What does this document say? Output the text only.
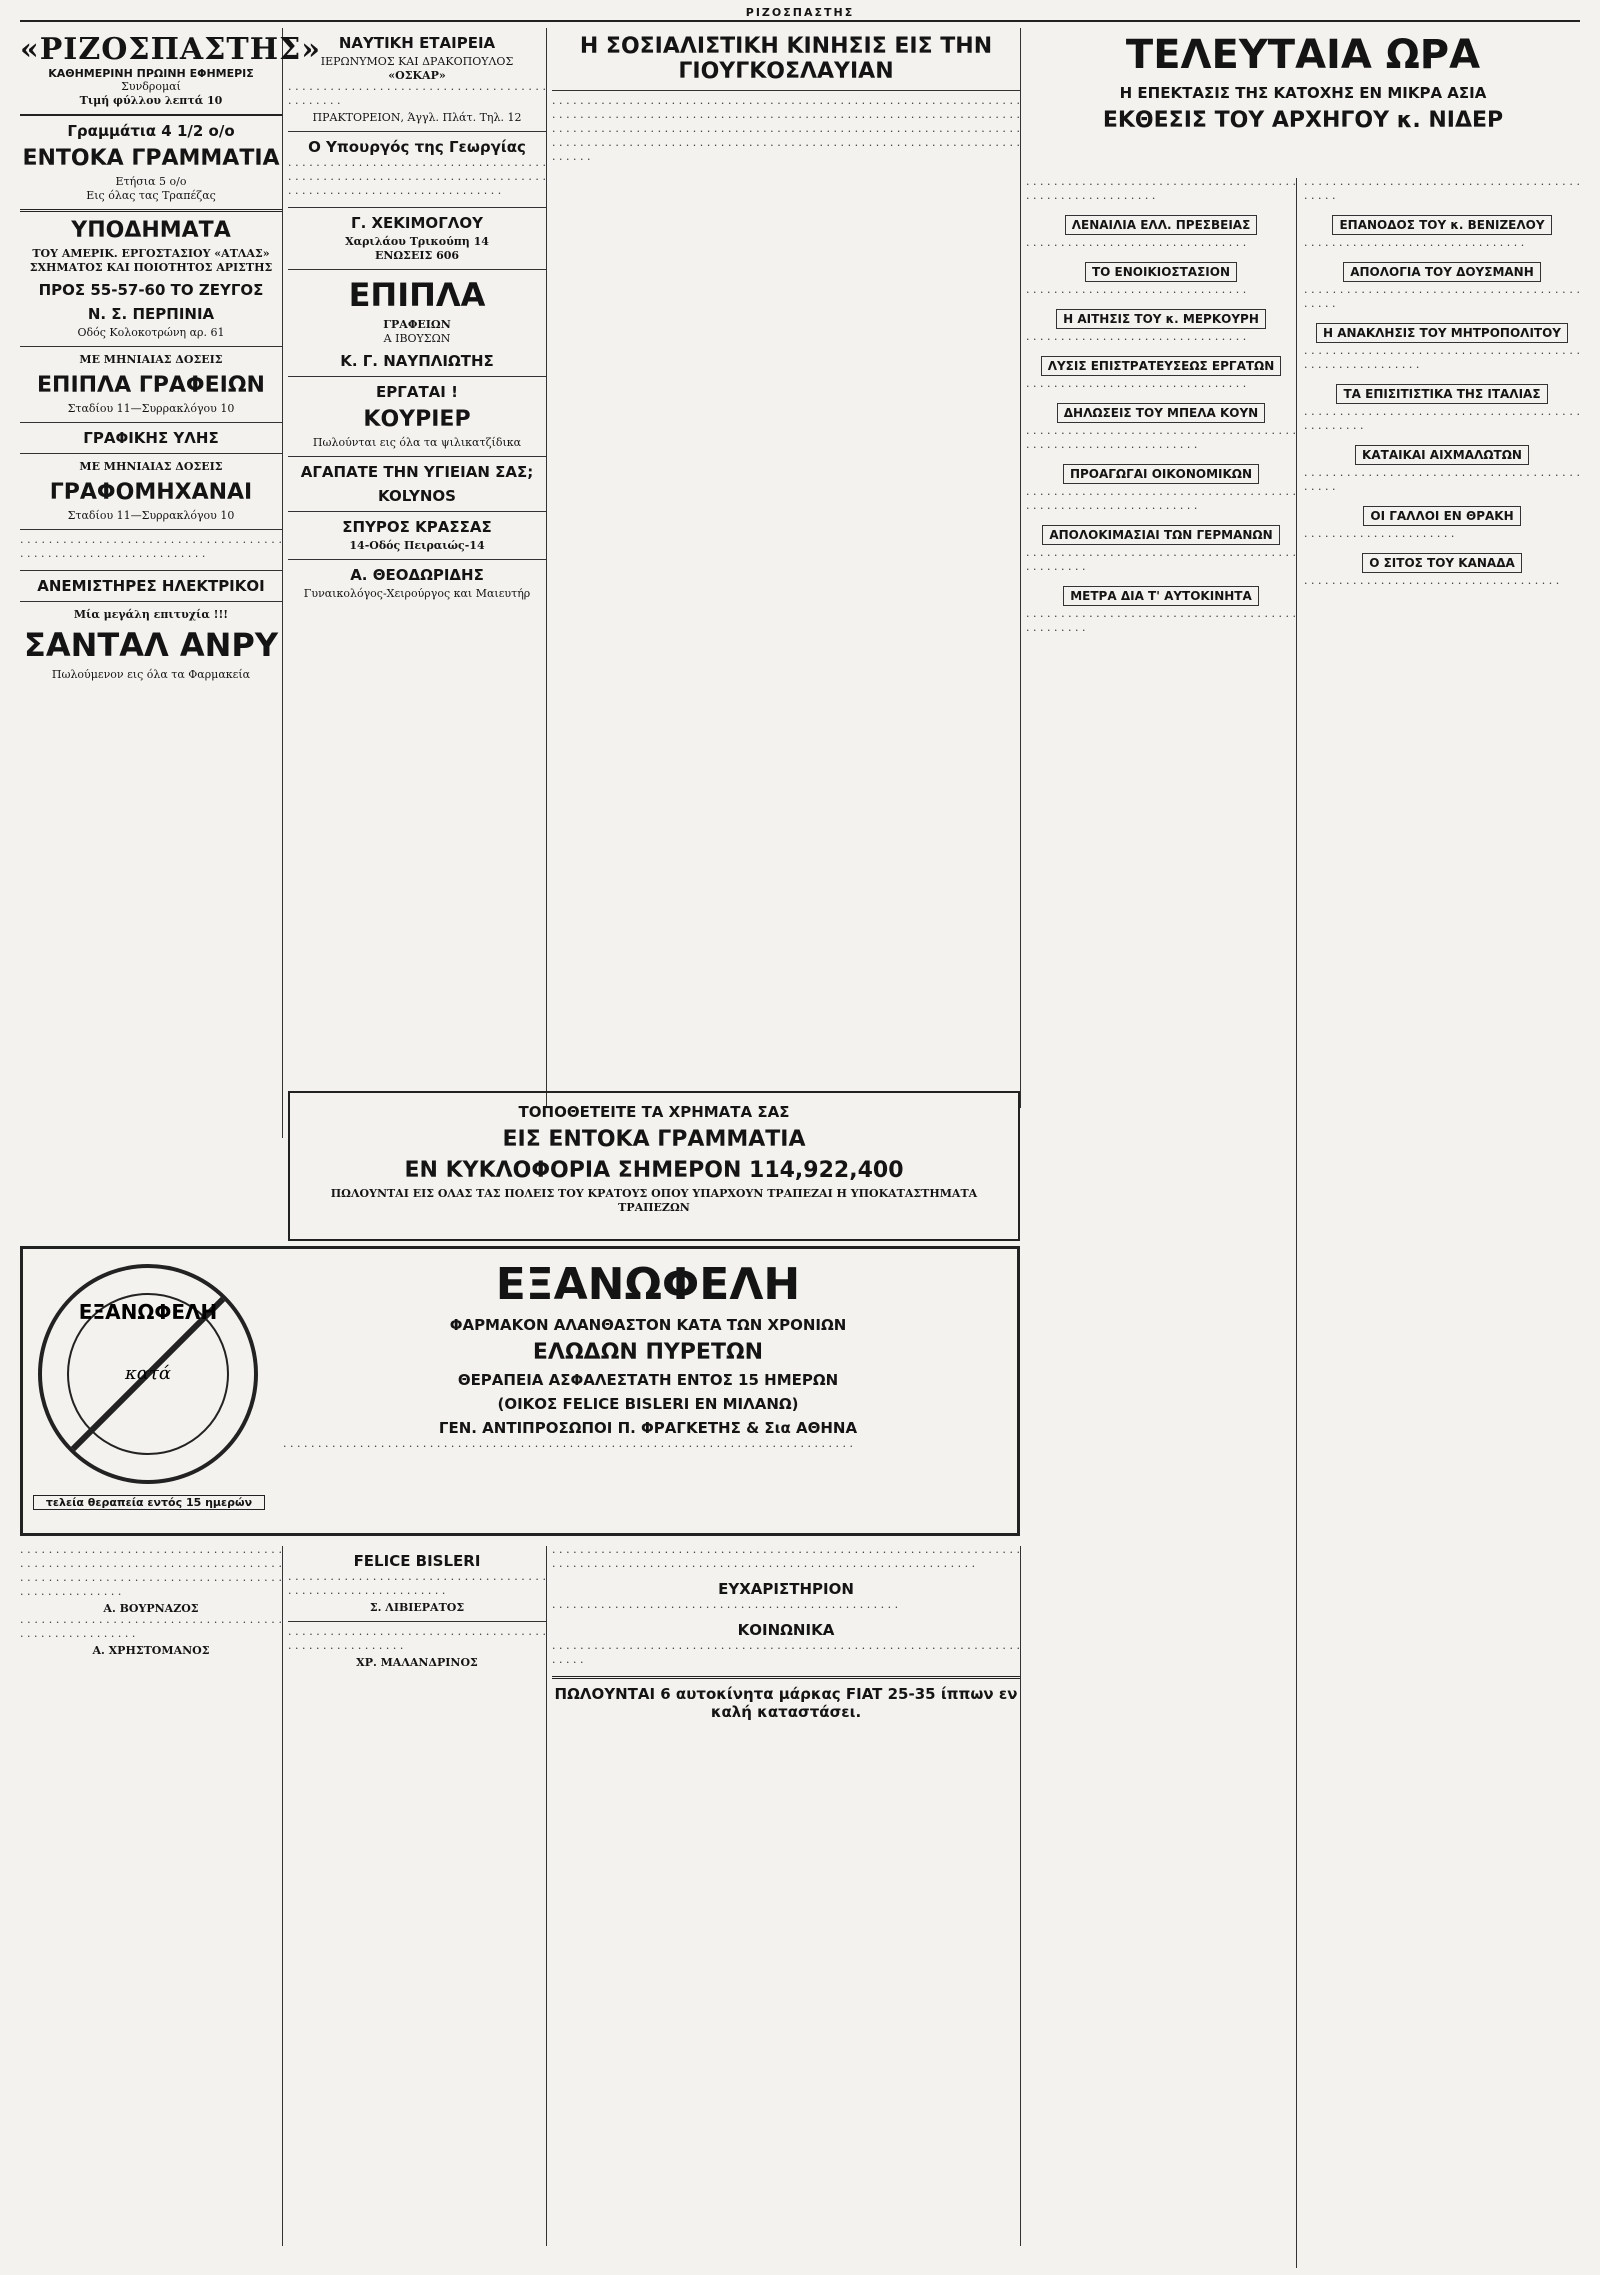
ΡΙΖΟΣΠΑΣΤΗΣ
«ΡΙΖΟΣΠΑΣΤΗΣ»
ΚΑΘΗΜΕΡΙΝΗ ΠΡΩΙΝΗ ΕΦΗΜΕΡΙΣ
Συνδρομαί
Τιμή φύλλου λεπτά 10
Γραμμάτια 4 1/2 ο/ο
ΕΝΤΟΚΑ ΓΡΑΜΜΑΤΙΑ
Ετήσια 5 ο/ο
Εις όλας τας Τραπέζας
ΥΠΟΔΗΜΑΤΑ
ΤΟΥ ΑΜΕΡΙΚ. ΕΡΓΟΣΤΑΣΙΟΥ «ΑΤΛΑΣ»
ΣΧΗΜΑΤΟΣ ΚΑΙ ΠΟΙΟΤΗΤΟΣ ΑΡΙΣΤΗΣ
ΠΡΟΣ 55-57-60 ΤΟ ΖΕΥΓΟΣ
Ν. Σ. ΠΕΡΠΙΝΙΑ
Οδός Κολοκοτρώνη αρ. 61
ΜΕ ΜΗΝΙΑΙΑΣ ΔΟΣΕΙΣ
ΕΠΙΠΛΑ ΓΡΑΦΕΙΩΝ
Σταδίου 11—Συρρακλόγου 10
ΓΡΑΦΙΚΗΣ ΥΛΗΣ
ΜΕ ΜΗΝΙΑΙΑΣ ΔΟΣΕΙΣ
ΓΡΑΦΟΜΗΧΑΝΑΙ
Σταδίου 11—Συρρακλόγου 10
· · · · · · · · · · · · · · · · · · · · · · · · · · · · · · · · · · · · · · · · · · · · · · · · · · · · · · · · · · · · · · · ·
ΑΝΕΜΙΣΤΗΡΕΣ ΗΛΕΚΤΡΙΚΟΙ
Μία μεγάλη επιτυχία !!!
ΣΑΝΤΑΛ ΑΝΡΥ
Πωλούμενον εις όλα τα Φαρμακεία
ΝΑΥΤΙΚΗ ΕΤΑΙΡΕΙΑ
ΙΕΡΩΝΥΜΟΣ ΚΑΙ ΔΡΑΚΟΠΟΥΛΟΣ
«ΟΣΚΑΡ»
· · · · · · · · · · · · · · · · · · · · · · · · · · · · · · · · · · · · · · · · · · · · ·
ΠΡΑΚΤΟΡΕΙΟΝ, Άγγλ. Πλάτ. Τηλ. 12
Ο Υπουργός της Γεωργίας
· · · · · · · · · · · · · · · · · · · · · · · · · · · · · · · · · · · · · · · · · · · · · · · · · · · · · · · · · · · · · · · · · · · · · · · · · · · · · · · · · · · · · · · · · · · · · · · · · · · · · · · · ·
Γ. ΧΕΚΙΜΟΓΛΟΥ
Χαριλάου Τρικούπη 14
ΕΝΩΣΕΙΣ 606
ΕΠΙΠΛΑ
ΓΡΑΦΕΙΩΝ
Α ΙΒΟΥΣΩΝ
Κ. Γ. ΝΑΥΠΛΙΩΤΗΣ
ΕΡΓΑΤΑΙ !
ΚΟΥΡΙΕΡ
Πωλούνται εις όλα τα ψιλικατζίδικα
ΑΓΑΠΑΤΕ ΤΗΝ ΥΓΙΕΙΑΝ ΣΑΣ;
KOLYNOS
ΣΠΥΡΟΣ ΚΡΑΣΣΑΣ
14-Οδός Πειραιώς-14
Α. ΘΕΟΔΩΡΙΔΗΣ
Γυναικολόγος-Χειρούργος και Μαιευτήρ
Η ΣΟΣΙΑΛΙΣΤΙΚΗ ΚΙΝΗΣΙΣ ΕΙΣ ΤΗΝ ΓΙΟΥΓΚΟΣΛΑΥΙΑΝ
· · · · · · · · · · · · · · · · · · · · · · · · · · · · · · · · · · · · · · · · · · · · · · · · · · · · · · · · · · · · · · · · · · · · · · · · · · · · · · · · · · · · · · · · · · · · · · · · · · · · · · · · · · · · · · · · · · · · · · · · · · · · · · · · · · · · · · · · · · · · · · · · · · · · · · · · · · · · · · · · · · · · · · · · · · · · · · · · · · · · · · · · · · · · · · · · · · · · · · · · · · · · · · · · · · · · · · · · · · · · · · · · · · · · · · · · · · · · · · · · · · · · · · · · · · · · · · · · · · · · · · · · · · · · · · · · · ·
ΤΟΠΟΘΕΤΕΙΤΕ ΤΑ ΧΡΗΜΑΤΑ ΣΑΣ
ΕΙΣ ΕΝΤΟΚΑ ΓΡΑΜΜΑΤΙΑ
ΕΝ ΚΥΚΛΟΦΟΡΙΑ ΣΗΜΕΡΟΝ 114,922,400
ΠΩΛΟΥΝΤΑΙ ΕΙΣ ΟΛΑΣ ΤΑΣ ΠΟΛΕΙΣ ΤΟΥ ΚΡΑΤΟΥΣ ΟΠΟΥ ΥΠΑΡΧΟΥΝ ΤΡΑΠΕΖΑΙ Η ΥΠΟΚΑΤΑΣΤΗΜΑΤΑ ΤΡΑΠΕΖΩΝ
ΤΕΛΕΥΤΑΙΑ ΩΡΑ
Η ΕΠΕΚΤΑΣΙΣ ΤΗΣ ΚΑΤΟΧΗΣ ΕΝ ΜΙΚΡΑ ΑΣΙΑ
ΕΚΘΕΣΙΣ ΤΟΥ ΑΡΧΗΓΟΥ κ. ΝΙΔΕΡ
· · · · · · · · · · · · · · · · · · · · · · · · · · · · · · · · · · · · · · · · · · · · · · · · · · · · · · · · · ·
ΛΕΝΑΙΛΙΑ ΕΛΛ. ΠΡΕΣΒΕΙΑΣ
· · · · · · · · · · · · · · · · · · · · · · · · · · · · · · · ·
ΤΟ ΕΝΟΙΚΙΟΣΤΑΣΙΟΝ
· · · · · · · · · · · · · · · · · · · · · · · · · · · · · · · ·
Η ΑΙΤΗΣΙΣ ΤΟΥ κ. ΜΕΡΚΟΥΡΗ
· · · · · · · · · · · · · · · · · · · · · · · · · · · · · · · ·
ΛΥΣΙΣ ΕΠΙΣΤΡΑΤΕΥΣΕΩΣ ΕΡΓΑΤΩΝ
· · · · · · · · · · · · · · · · · · · · · · · · · · · · · · · ·
ΔΗΛΩΣΕΙΣ ΤΟΥ ΜΠΕΛΑ ΚΟΥΝ
· · · · · · · · · · · · · · · · · · · · · · · · · · · · · · · · · · · · · · · · · · · · · · · · · · · · · · · · · · · · · · · ·
ΠΡΟΑΓΩΓΑΙ ΟΙΚΟΝΟΜΙΚΩΝ
· · · · · · · · · · · · · · · · · · · · · · · · · · · · · · · · · · · · · · · · · · · · · · · · · · · · · · · · · · · · · · · ·
ΑΠΟΛΟΚΙΜΑΣΙΑΙ ΤΩΝ ΓΕΡΜΑΝΩΝ
· · · · · · · · · · · · · · · · · · · · · · · · · · · · · · · · · · · · · · · · · · · · · · · ·
ΜΕΤΡΑ ΔΙΑ Τ' ΑΥΤΟΚΙΝΗΤΑ
· · · · · · · · · · · · · · · · · · · · · · · · · · · · · · · · · · · · · · · · · · · · · · · ·
· · · · · · · · · · · · · · · · · · · · · · · · · · · · · · · · · · · · · · · · · · · ·
ΕΠΑΝΟΔΟΣ ΤΟΥ κ. ΒΕΝΙΖΕΛΟΥ
· · · · · · · · · · · · · · · · · · · · · · · · · · · · · · · ·
ΑΠΟΛΟΓΙΑ ΤΟΥ ΔΟΥΣΜΑΝΗ
· · · · · · · · · · · · · · · · · · · · · · · · · · · · · · · · · · · · · · · · · · · ·
Η ΑΝΑΚΛΗΣΙΣ ΤΟΥ ΜΗΤΡΟΠΟΛΙΤΟΥ
· · · · · · · · · · · · · · · · · · · · · · · · · · · · · · · · · · · · · · · · · · · · · · · · · · · · · · · ·
ΤΑ ΕΠΙΣΙΤΙΣΤΙΚΑ ΤΗΣ ΙΤΑΛΙΑΣ
· · · · · · · · · · · · · · · · · · · · · · · · · · · · · · · · · · · · · · · · · · · · · · · ·
ΚΑΤΑΙΚΑΙ ΑΙΧΜΑΛΩΤΩΝ
· · · · · · · · · · · · · · · · · · · · · · · · · · · · · · · · · · · · · · · · · · · ·
ΟΙ ΓΑΛΛΟΙ ΕΝ ΘΡΑΚΗ
· · · · · · · · · · · · · · · · · · · · · ·
Ο ΣΙΤΟΣ ΤΟΥ ΚΑΝΑΔΑ
· · · · · · · · · · · · · · · · · · · · · · · · · · · · · · · · · · · · ·
ΕΞΑΝΩΦΕΛΗ
κατά
τελεία θεραπεία εντός 15 ημερών
ΕΞΑΝΩΦΕΛΗ
ΦΑΡΜΑΚΟΝ ΑΛΑΝΘΑΣΤΟΝ ΚΑΤΑ ΤΩΝ ΧΡΟΝΙΩΝ
ΕΛΩΔΩΝ ΠΥΡΕΤΩΝ
ΘΕΡΑΠΕΙΑ ΑΣΦΑΛΕΣΤΑΤΗ ΕΝΤΟΣ 15 ΗΜΕΡΩΝ
(ΟΙΚΟΣ FELICE BISLERI ΕΝ ΜΙΛΑΝΩ)
ΓΕΝ. ΑΝΤΙΠΡΟΣΩΠΟΙ Π. ΦΡΑΓΚΕΤΗΣ & Σια ΑΘΗΝΑ
· · · · · · · · · · · · · · · · · · · · · · · · · · · · · · · · · · · · · · · · · · · · · · · · · · · · · · · · · · · · · · · · · · · · · · · · · · · · · · · · · ·
· · · · · · · · · · · · · · · · · · · · · · · · · · · · · · · · · · · · · · · · · · · · · · · · · · · · · · · · · · · · · · · · · · · · · · · · · · · · · · · · · · · · · · · · · · · · · · · · · · · · · · · · · · · · · · · · · · · · · · · · · · · · · ·
Α. ΒΟΥΡΝΑΖΟΣ
· · · · · · · · · · · · · · · · · · · · · · · · · · · · · · · · · · · · · · · · · · · · · · · · · · · · · ·
Α. ΧΡΗΣΤΟΜΑΝΟΣ
FELICE BISLERI
· · · · · · · · · · · · · · · · · · · · · · · · · · · · · · · · · · · · · · · · · · · · · · · · · · · · · · · · · · · ·
Σ. ΛΙΒΙΕΡΑΤΟΣ
· · · · · · · · · · · · · · · · · · · · · · · · · · · · · · · · · · · · · · · · · · · · · · · · · · · · · ·
ΧΡ. ΜΑΛΑΝΔΡΙΝΟΣ
· · · · · · · · · · · · · · · · · · · · · · · · · · · · · · · · · · · · · · · · · · · · · · · · · · · · · · · · · · · · · · · · · · · · · · · · · · · · · · · · · · · · · · · · · · · · · · · · · · · · · · · · · · · · · · · · · · · · · · · · · · · · · · · ·
ΕΥΧΑΡΙΣΤΗΡΙΟΝ
· · · · · · · · · · · · · · · · · · · · · · · · · · · · · · · · · · · · · · · · · · · · · · · · · ·
ΚΟΙΝΩΝΙΚΑ
· · · · · · · · · · · · · · · · · · · · · · · · · · · · · · · · · · · · · · · · · · · · · · · · · · · · · · · · · · · · · · · · · · · · · · · ·
ΠΩΛΟΥΝΤΑΙ 6 αυτοκίνητα μάρκας FIAT 25-35 ίππων εν καλή καταστάσει.
